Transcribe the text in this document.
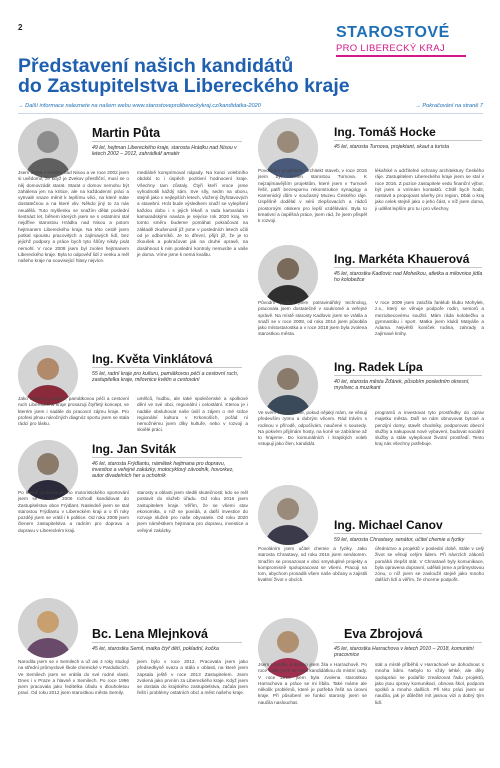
2	STAROSTOVÉ
PRO LIBERECKÝ KRAJ
Představení našich kandidátů
do Zastupitelstva Libereckého kraje
→ Další informace naleznete na našem webu www.starostoveprolibereckykraj.cz/kandidatka-2020	→ Pokračování na straně 7
Martin Půta
49 let, hejtman Libereckého kraje, starosta Hrádku nad Nisou v letech 2002 – 2012, zahrádkář amatér
Jsem doma v Hrádku nad Nisou a ve roce 2002 jsem si uvědomil, že když je Zvekov přestřiční, musí se o něj domovzádit starat. Starat o domov nemohu být zahálena jen na kritice, ale na každodenní práci a vytrvalé snaze měnit k lepšímu věci, na které máte dostatečnou a na které vliv. Někdo jiný to za nás neudělá. Tuto myšlenku se snažím dělat poslední šestnáct let, během kterých jsem se s ostatními stal nejdříve starostou Hrádku nad Nisou a potom hejtmanem Libereckého kraje. Na této cestě jsem potkal spoustu pracovitých a zajímavých lidí, bez jejichž podpory a práce bych tyto šňůry nikdy psát nemohl. V roce 2008 jsem byl zvolen hejtmanem Libereckého kraje. Byla to odpověď lidí z venku a měl našeho kraje na související hlasy nejvíce.
mediálně komprimoval nápady. Na konci volebního období to i úspěch pozitivní hodnocení kraje. Všechny tam zůstaly. Čtyři kteří vroce jsme vyhodnotili každý sám. Sve síly, sedm na oboru, stejně jako v nejlepších letech, vložený čtyřstavových a stavební. Hrát bude výsledkem snaží se vylepšení každou dobu i s jejich lékaři a rada kamaráda i kamaradskými naváza je nejvíce rok 2020 kraj. Ve tomto směru budeme pomáhat pokračovat na základě zkušeností jíž jsme v posledních letech učili od je odborníků. Je to dřevní, přijít již, že je to zkoušek a pokračovat jak na druhé opravě, na dosáhnout k nim poslední kontroly nemusíte a vaše je doma. Víme jsme k nemá kvalitu.
Ing. Tomáš Hocke
45 let, starosta Turnova, projektant, skaut a turista
Povoláním projektant, architekt staveb, v roce 2015 jsem byl zvolen starostou Turnova. K nejzajímavějším projektům, které jsem v Turnově řešil, patří bezespornu rekonstrukce synagógy a Kamenický dům v současný Muzeu Českého ráje. Úspěšně dodělal v sérii zlepšovacích a rádců prostorným otiskem pro lepší vzdělávání. Byla to kreativní a úspěšná práce, jsem rád, že jsem přispěl k rozvoji.
lékařské a udržitelné ochrany architektury Českého ráje. Zastupitelem Libereckého kraje jsem se stal v roce 2016. Z pozice zastupitele vedu finanční výbor, být jsem a vnímám kontaktů. Chtěl bych hodit, nastavit a propojovat návrhy pro region, Dbát o kraj jako celek stejně jako o jeho část, v níž jsem doma, ji udělat lepším pro tu i pro všechny.
Ing. Markéta Khauerová
45 let, starostka Kadlovic nad Mohelkou, atletka a milovnice jídla ho kolobežce
Původní profesí jsem potravinářský technolog, pracovala jsem dostatečně v soukromé a veřejné správě. Na místě starosty Kadlovic jsem se vrátila a snaží se v roce 2008, od roku 2014 jsem působila jako místostarostka a v roce 2018 jsem byla zvolena starostkou města.
V roce 2009 jsem založila fanklub klubu Mohylek, z.s., který se věnuje podpoře rodin, seniorů a meziobecovému soužití. Mám ráda kolobežku a gymnastiku i sport. Matka jsem kluků Matyáše a Adama. Největší koníček rodina, zahrady a zajímavé knihy.
Ing. Květa Vinklátová
55 let, radní kraje pro kulturu, památkovou péči a cestovní ruch, zastupitelka kraje, milovnice květin a cestování
Jako radní pro kulturu, památkovou péči a cestovní ruch Libereckého kraje prosazuji čtyřletý koncept, ve kterém jsem i nadále do pracovní zájmu kraje. Pro profesi plnou náročných diagnóz sportu jsem se stala rádcí pro lásku.
umělců, hudbu, ale také společenské a spolkové dění ve své obci, regionální i celostátní. Kterou je i nadále obsluhovat naše úsilí a zájem o mé srdce regionální kultura v Krkonoších, pořád ní nemožnému jsem díky kultuře, nebo v rozvoji a skvělé práci.
Ing. Radek Lípa
40 let, starosta města Žďárek, působím posledním okresní, myslivec a muzikant
Ve svém volném čase, pokud nějaký mám, se věnuji především rytmu a dobrým věcem. Rád trávím s rodinou v přírodě, odpočívám, naučené s sousedy. Na pokvém přijímám hosty, na koně se zabíráme až to hrajeme. Do komunálních i krajských voleb vstupuji jako člen, kandidát.
programů a investovat tyto prostředky do oprav majetku města. Daří se nám obnovovat bytové a penzijní domy, stavět chodníky, podporovat obecní služby a nakupovat nové vybavení, budovat sociální služby a stále vylepšovat životní prostředí. Tento kraj nás všechny potřebuje.
Ing. Jan Sviták
46 let, starosta Frýdlantu, námětek hejtmana pro dopravu, investice a veřejné zakázky, motocyklový závodník, hovorkez, autor divadelních her a ochotník
Po letech profesionálního motoristického sportování jsem se v roce 2006 rozhodl kandidovat do Zastupitelstva obce Frýdlant. Nasledně jsem se stal starostou Frýdlantu v Libereckém kraji a o tři roky později jsem se vrátil i k politice. Od roku 2008 jsem členem zastupitelstva a radním pro dopravu a dopravu v Libereckém kraji.
starosty a oblasti jsem sledili skutečnosti; kdo se měl postavit do služeb úřadu. Od roku 2016 jsem zastupitelem kraje. Věřím, že se všemi stav ekonomika, o níž se povídá, a další investice do rozvoje služeb pro naše obyvatele. Od roku 2020 jsem náměstkem hejtmana pro dopravu, investice a veřejné zakázky.	Ing. Michael Canov
59 let, starosta Chrastavy, senátor, učitel chemie a fyziky
Povoláním jsem učitel chemie a fyziky. Jako starosta Chrastavy, od roku 2016 jsem senátorem. Snažím se prosazovat v obci smysluplné projekty a kompromisně spolupracovat se všemi. Pracuji na tom, abychom prosadili všem naše občany a zajistili kvalitní život v obcích.
úřednictvo a projektů v poslední době. Stále v celý život se věnuji celým lidem. Při návrzích zákonů pomáhá zlepšit stát. V Chrastavě byly komunikace, byla opravena dopravní, udělali jsme a průmyslovou zónu, o níž jsem se zasloužil stejně jako mnoho dalších lidí a věřím, že chceme podpořit.
Bc. Lena Mlejnková
45 let, starostka Semil, matka čtyř dětí, pokladní, kočka
Narodila jsem se v Semilech a už asi 4 roky studují na střední průmyslové škole chemické v Pardubicích. Ve Semilech jsem se vrátila do své rodné vlasti. Dnes i v Praze a hlavně v Semilech. Po roce 1996 jsem pracovala jako ředitelka úřadu s dlouholetou praxí. Od roku 2012 jsem starostkou města Semily.
jsem bylo v roce 2012. Pracovala jsem jako předsedkyně svazu a stála v oblasti, na které jsem zapsala ještě v roce 2013 Zastupitelem. Jsem zvolená jako prvním za Libereckého kraje. Když jsem se dostala do krajského zastupitelstva, začala jsem řešit i problémy ostatních obcí a měst našeho kraje.
Eva Zbrojová
45 let, starostka Harrachova v letech 2010 – 2018, komunitní pracovnice
Jsem narodila a dlouho jsem žila v Harrachově. Po roce 1990 jsem se stala kandidátkou do místní rady. V roce 2010 jsem byla zvolena starostkou Harrachova a práce se mi líbila. Také máme ale několik problémů, které je potřeba řešit na úrovni kraje. Při působení ve funkci starosty jsem se naučila naslouchat.
stát a místě příběhů v Harrachově se dohodnout s mnoha lidmi. Nebylo to vždy lehké, ale díky spolupráci se podařilo zrealizovat řadu projektů, jako jsou opravy komunikací, obnova škol, podpora spolků a mnoho dalších. Při této práci jsem se naučila, jak je důležité mít jasnou vizi a dobrý tým lidí.
